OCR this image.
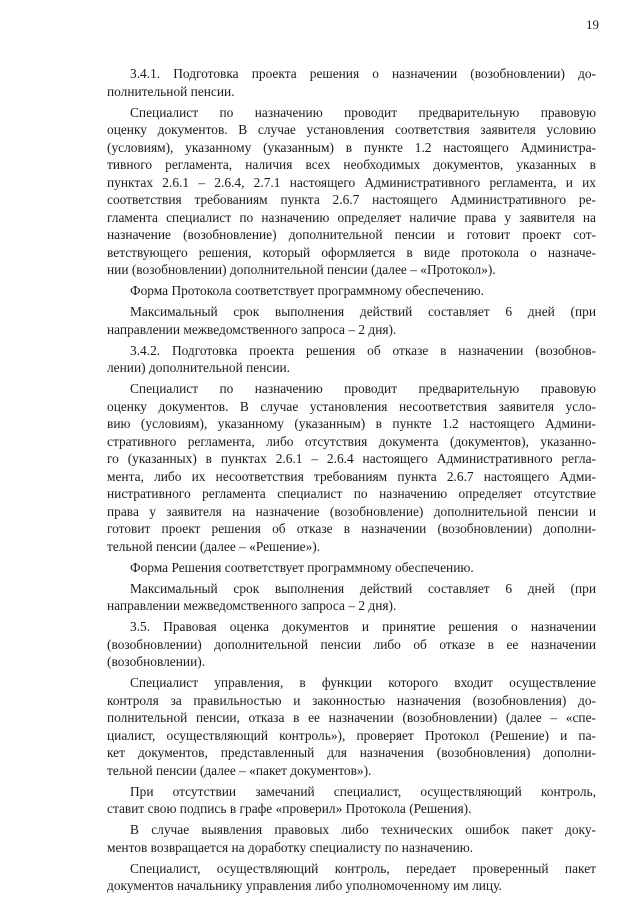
19

3.4.1. Подготовка проекта решения о назначении (возобновлении) до-
полнительной пенсии.

Специалист по назначению проводит предварительную правовую
оценку документов. В случае установления соответствия заявителя условию
(условиям), указанному (указанным) в пункте 1.2 настоящего Администра-
тивного регламента, наличия всех необходимых документов, указанных в
пунктах 2.6.1 – 2.6.4, 2.7.1 настоящего Административного регламента, и их
соответствия требованиям пункта 2.6.7 настоящего Административного ре-
гламента специалист по назначению определяет наличие права у заявителя на
назначение (возобновление) дополнительной пенсии и готовит проект сот-
ветствующего решения, который оформляется в виде протокола о назначе-
нии (возобновлении) дополнительной пенсии (далее – «Протокол»).

Форма Протокола соответствует программному обеспечению.

Максимальный срок выполнения действий составляет 6 дней (при
направлении межведомственного запроса – 2 дня).

3.4.2. Подготовка проекта решения об отказе в назначении (возобнов-
лении) дополнительной пенсии.

Специалист по назначению проводит предварительную правовую
оценку документов. В случае установления несоответствия заявителя усло-
вию (условиям), указанному (указанным) в пункте 1.2 настоящего Админи-
стративного регламента, либо отсутствия документа (документов), указанно-
го (указанных) в пунктах 2.6.1 – 2.6.4 настоящего Административного регла-
мента, либо их несоответствия требованиям пункта 2.6.7 настоящего Адми-
нистративного регламента специалист по назначению определяет отсутствие
права у заявителя на назначение (возобновление) дополнительной пенсии и
готовит проект решения об отказе в назначении (возобновлении) дополни-
тельной пенсии (далее – «Решение»).

Форма Решения соответствует программному обеспечению.

Максимальный срок выполнения действий составляет 6 дней (при
направлении межведомственного запроса – 2 дня).

3.5. Правовая оценка документов и принятие решения о назначении
(возобновлении) дополнительной пенсии либо об отказе в ее назначении
(возобновлении).

Специалист управления, в функции которого входит осуществление
контроля за правильностью и законностью назначения (возобновления) до-
полнительной пенсии, отказа в ее назначении (возобновлении) (далее – «спе-
циалист, осуществляющий контроль»), проверяет Протокол (Решение) и па-
кет документов, представленный для назначения (возобновления) дополни-
тельной пенсии (далее – «пакет документов»).

При отсутствии замечаний специалист, осуществляющий контроль,
ставит свою подпись в графе «проверил» Протокола (Решения).

В случае выявления правовых либо технических ошибок пакет доку-
ментов возвращается на доработку специалисту по назначению.

Специалист, осуществляющий контроль, передает проверенный пакет
документов начальнику управления либо уполномоченному им лицу.
